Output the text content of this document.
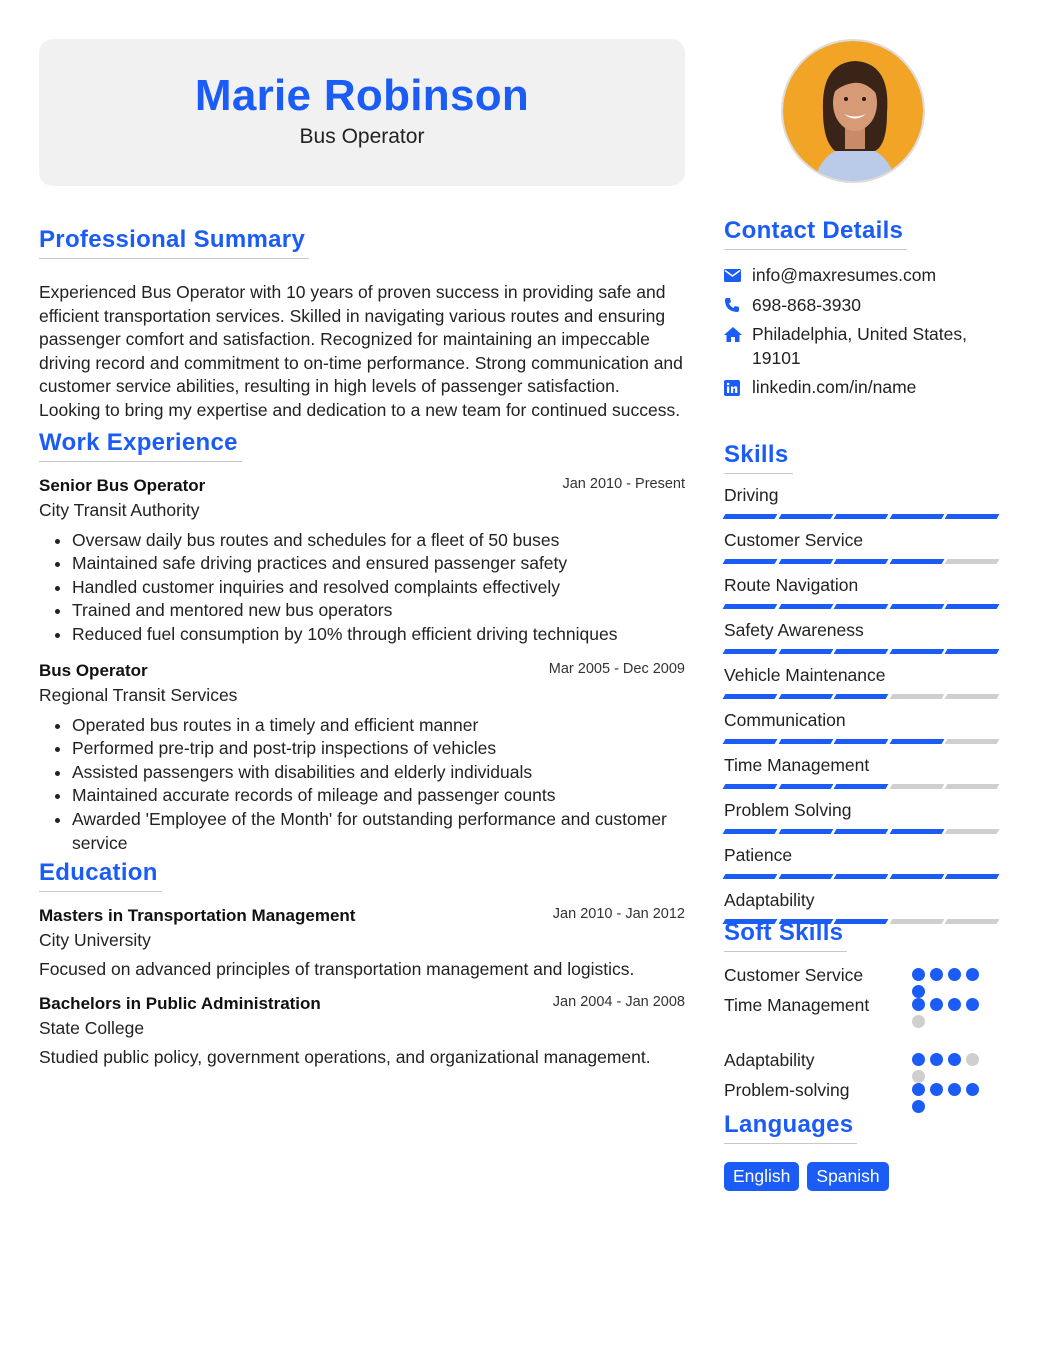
Marie Robinson
Bus Operator
Professional Summary

Experienced Bus Operator with 10 years of proven success in providing safe and efficient transportation services. Skilled in navigating various routes and ensuring passenger comfort and satisfaction. Recognized for maintaining an impeccable driving record and commitment to on-time performance. Strong communication and customer service abilities, resulting in high levels of passenger satisfaction. Looking to bring my expertise and dedication to a new team for continued success.

Work Experience
Senior Bus Operator	Jan 2010 - Present
City Transit Authority
• Oversaw daily bus routes and schedules for a fleet of 50 buses
• Maintained safe driving practices and ensured passenger safety
• Handled customer inquiries and resolved complaints effectively
• Trained and mentored new bus operators
• Reduced fuel consumption by 10% through efficient driving techniques
Bus Operator	Mar 2005 - Dec 2009
Regional Transit Services
• Operated bus routes in a timely and efficient manner
• Performed pre-trip and post-trip inspections of vehicles
• Assisted passengers with disabilities and elderly individuals
• Maintained accurate records of mileage and passenger counts
• Awarded 'Employee of the Month' for outstanding performance and customer service
Education
Masters in Transportation Management	Jan 2010 - Jan 2012
City University
Focused on advanced principles of transportation management and logistics.
Bachelors in Public Administration	Jan 2004 - Jan 2008
State College
Studied public policy, government operations, and organizational management.
Contact Details
info@maxresumes.com
698-868-3930
Philadelphia, United States, 19101
linkedin.com/in/name
Skills
Driving
Customer Service
Route Navigation
Safety Awareness
Vehicle Maintenance
Communication
Time Management
Problem Solving
Patience
Adaptability
Soft Skills
Customer Service
Time Management
Adaptability
Problem-solving
Languages
English	Spanish
